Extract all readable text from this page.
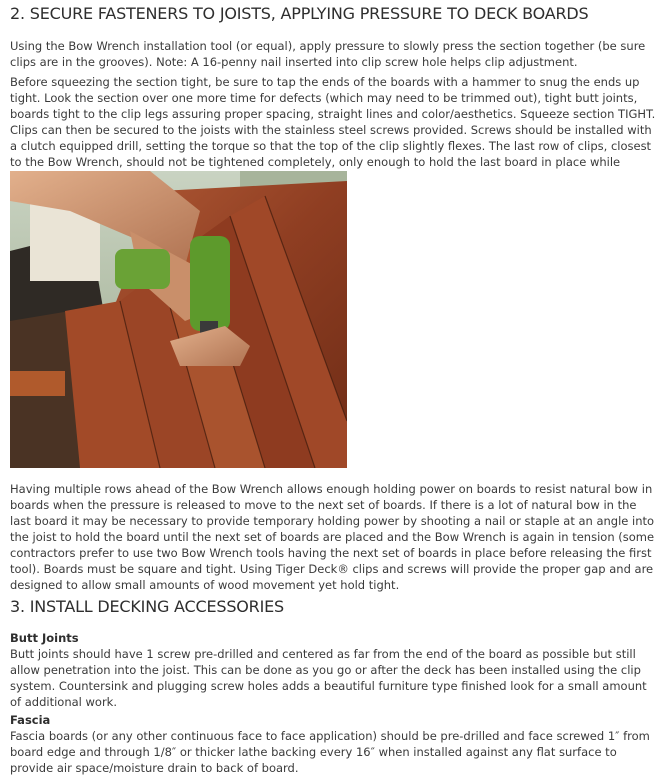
2. SECURE FASTENERS TO JOISTS, APPLYING PRESSURE TO DECK BOARDS

Using the Bow Wrench installation tool (or equal), apply pressure to slowly press the section together (be sure clips are in the grooves). Note: A 16-penny nail inserted into clip screw hole helps clip adjustment.

Before squeezing the section tight, be sure to tap the ends of the boards with a hammer to snug the ends up tight. Look the section over one more time for defects (which may need to be trimmed out), tight butt joints, boards tight to the clip legs assuring proper spacing, straight lines and color/aesthetics. Squeeze section TIGHT. Clips can then be secured to the joists with the stainless steel screws provided. Screws should be installed with a clutch equipped drill, setting the torque so that the top of the clip slightly flexes. The last row of clips, closest to the Bow Wrench, should not be tightened completely, only enough to hold the last board in place while

Having multiple rows ahead of the Bow Wrench allows enough holding power on boards to resist natural bow in boards when the pressure is released to move to the next set of boards. If there is a lot of natural bow in the last board it may be necessary to provide temporary holding power by shooting a nail or staple at an angle into the joist to hold the board until the next set of boards are placed and the Bow Wrench is again in tension (some contractors prefer to use two Bow Wrench tools having the next set of boards in place before releasing the first tool). Boards must be square and tight. Using Tiger Deck® clips and screws will provide the proper gap and are designed to allow small amounts of wood movement yet hold tight.

3. INSTALL DECKING ACCESSORIES
Butt Joints

Butt joints should have 1 screw pre-drilled and centered as far from the end of the board as possible but still allow penetration into the joist. This can be done as you go or after the deck has been installed using the clip system. Countersink and plugging screw holes adds a beautiful furniture type finished look for a small amount of additional work.

Fascia

Fascia boards (or any other continuous face to face application) should be pre-drilled and face screwed 1″ from board edge and through 1/8″ or thicker lathe backing every 16″ when installed against any flat surface to provide air space/moisture drain to back of board.
